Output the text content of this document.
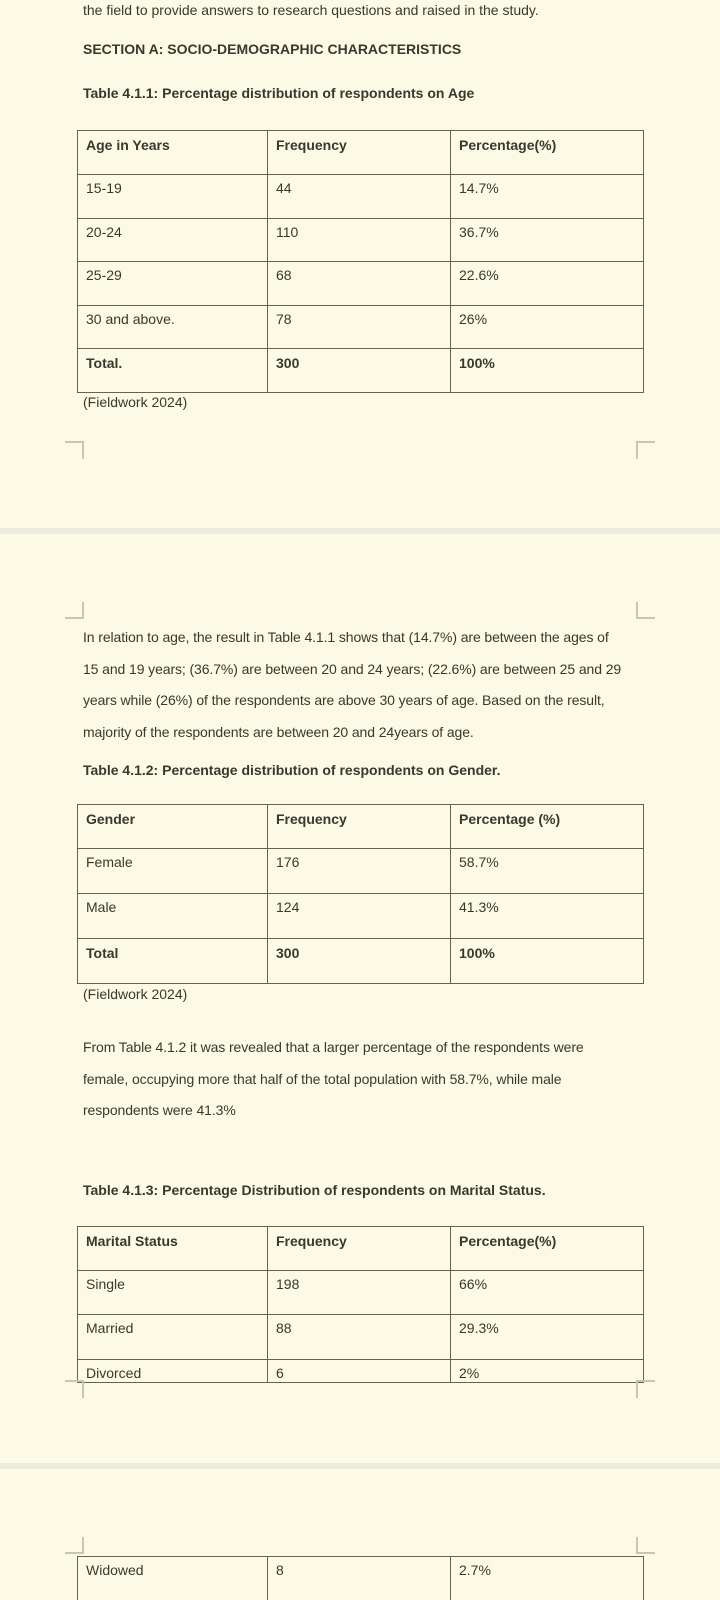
the field to provide answers to research questions and raised in the study.
SECTION A: SOCIO-DEMOGRAPHIC CHARACTERISTICS
Table 4.1.1: Percentage distribution of respondents on Age
Age in Years	Frequency	Percentage(%)
15-19	44	14.7%
20-24	110	36.7%
25-29	68	22.6%
30 and above.	78	26%
Total.	300	100%
(Fieldwork 2024)
In relation to age, the result in Table 4.1.1 shows that (14.7%) are between the ages of
15 and 19 years; (36.7%) are between 20 and 24 years; (22.6%) are between 25 and 29
years while (26%) of the respondents are above 30 years of age. Based on the result,
majority of the respondents are between 20 and 24years of age.
Table 4.1.2: Percentage distribution of respondents on Gender.
Gender	Frequency	Percentage (%)
Female	176	58.7%
Male	124	41.3%
Total	300	100%
(Fieldwork 2024)
From Table 4.1.2 it was revealed that a larger percentage of the respondents were
female, occupying more that half of the total population with 58.7%, while male
respondents were 41.3%
Table 4.1.3: Percentage Distribution of respondents on Marital Status.
Marital Status	Frequency	Percentage(%)
Single	198	66%
Married	88	29.3%
Divorced	6	2%
Widowed	8	2.7%
